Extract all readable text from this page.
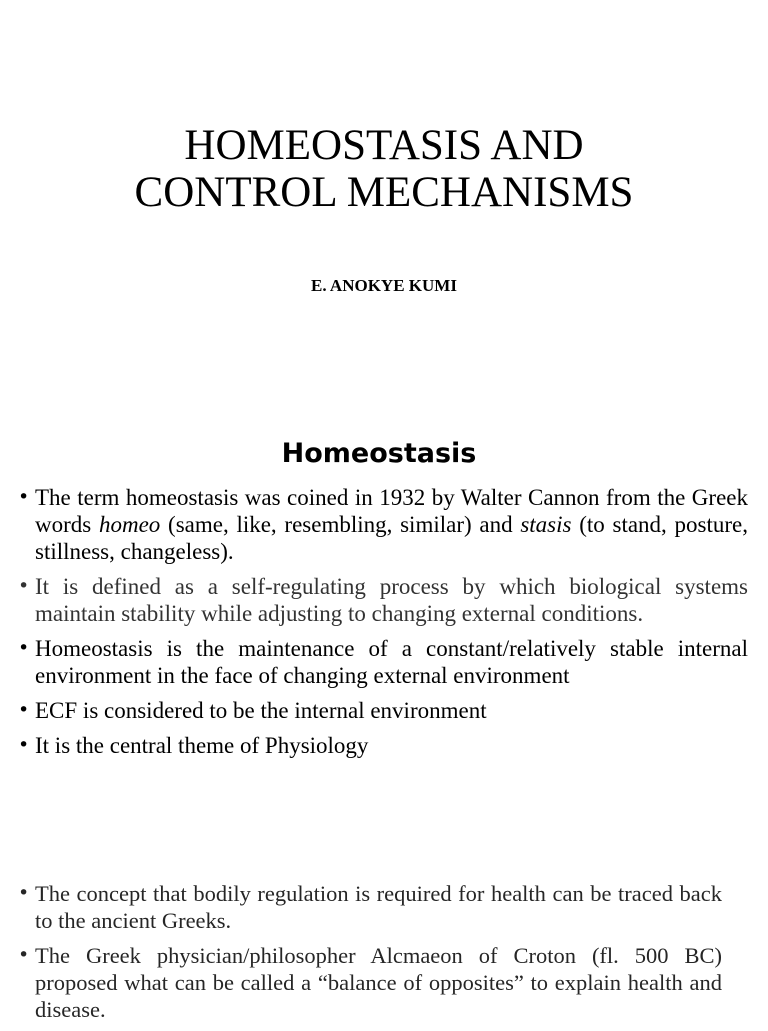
HOMEOSTASIS AND
CONTROL MECHANISMS
E. ANOKYE KUMI
Homeostasis
• The term homeostasis was coined in 1932 by Walter Cannon from the Greek words homeo (same, like, resembling, similar) and stasis (to stand, posture, stillness, changeless).
• It is defined as a self-regulating process by which biological systems maintain stability while adjusting to changing external conditions.
• Homeostasis is the maintenance of a constant/relatively stable internal environment in the face of changing external environment
• ECF is considered to be the internal environment
• It is the central theme of Physiology
• The concept that bodily regulation is required for health can be traced back to the ancient Greeks.
• The Greek physician/philosopher Alcmaeon of Croton (fl. 500 BC) proposed what can be called a “balance of opposites” to explain health and disease.
